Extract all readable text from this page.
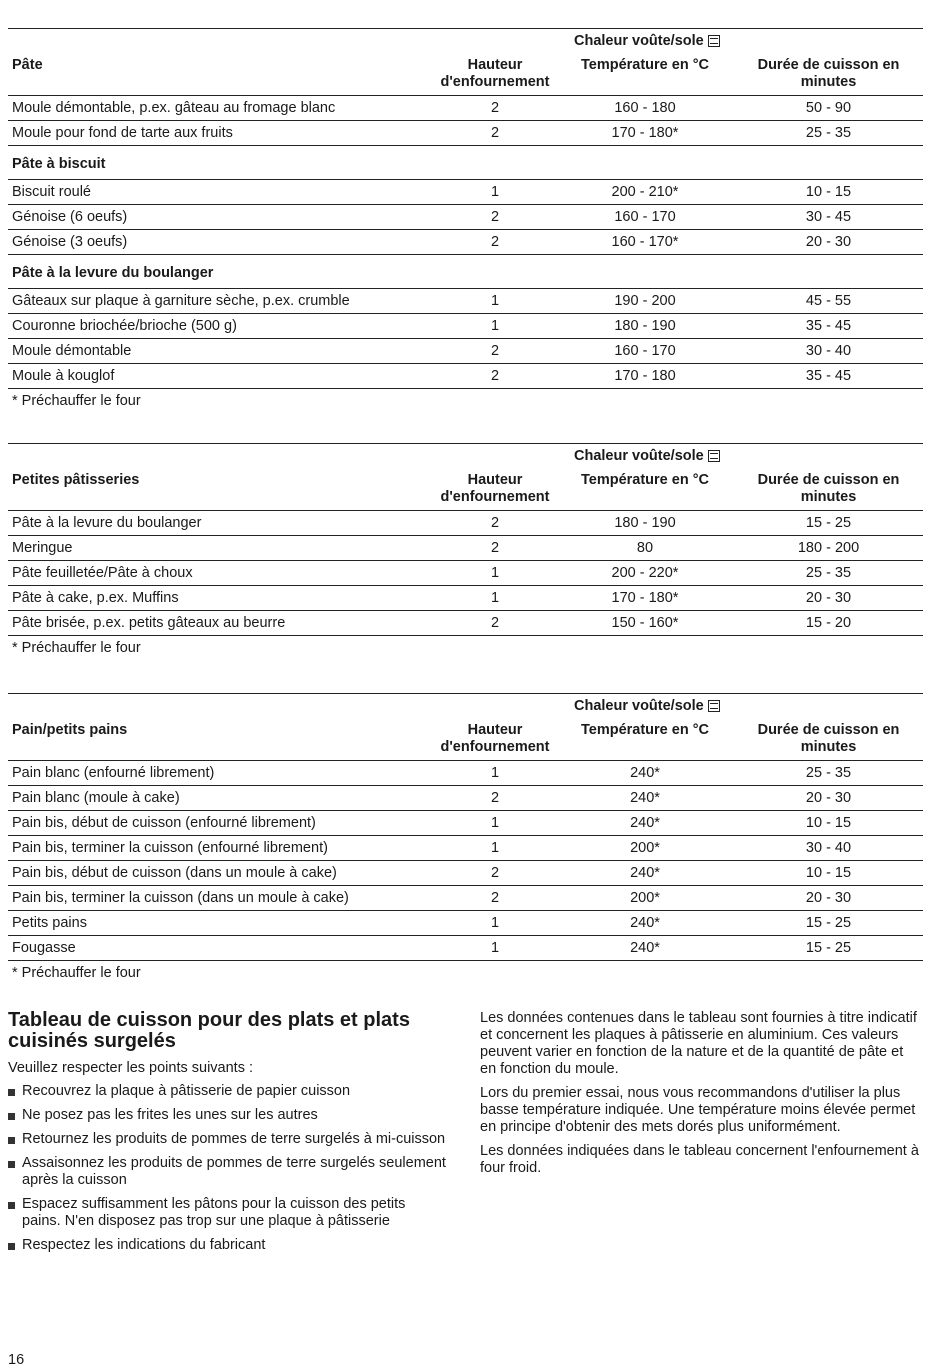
		Chaleur voûte/sole	
Pâte	Hauteur d'enfournement	Température en °C	Durée de cuisson en minutes
Moule démontable, p.ex. gâteau au fromage blanc	2	160 - 180	50 - 90
Moule pour fond de tarte aux fruits	2	170 - 180*	25 - 35
Pâte à biscuit			
Biscuit roulé	1	200 - 210*	10 - 15
Génoise (6 oeufs)	2	160 - 170	30 - 45
Génoise (3 oeufs)	2	160 - 170*	20 - 30
Pâte à la levure du boulanger			
Gâteaux sur plaque à garniture sèche, p.ex. crumble	1	190 - 200	45 - 55
Couronne briochée/brioche (500 g)	1	180 - 190	35 - 45
Moule démontable	2	160 - 170	30 - 40
Moule à kouglof	2	170 - 180	35 - 45
* Préchauffer le four
		Chaleur voûte/sole	
Petites pâtisseries	Hauteur d'enfournement	Température en °C	Durée de cuisson en minutes
Pâte à la levure du boulanger	2	180 - 190	15 - 25
Meringue	2	80	180 - 200
Pâte feuilletée/Pâte à choux	1	200 - 220*	25 - 35
Pâte à cake, p.ex. Muffins	1	170 - 180*	20 - 30
Pâte brisée, p.ex. petits gâteaux au beurre	2	150 - 160*	15 - 20
* Préchauffer le four
		Chaleur voûte/sole	
Pain/petits pains	Hauteur d'enfournement	Température en °C	Durée de cuisson en minutes
Pain blanc (enfourné librement)	1	240*	25 - 35
Pain blanc (moule à cake)	2	240*	20 - 30
Pain bis, début de cuisson (enfourné librement)	1	240*	10 - 15
Pain bis, terminer la cuisson (enfourné librement)	1	200*	30 - 40
Pain bis, début de cuisson (dans un moule à cake)	2	240*	10 - 15
Pain bis, terminer la cuisson (dans un moule à cake)	2	200*	20 - 30
Petits pains	1	240*	15 - 25
Fougasse	1	240*	15 - 25
* Préchauffer le four
Tableau de cuisson pour des plats et plats cuisinés surgelés
Veuillez respecter les points suivants :
Recouvrez la plaque à pâtisserie de papier cuisson
Ne posez pas les frites les unes sur les autres
Retournez les produits de pommes de terre surgelés à mi-cuisson
Assaisonnez les produits de pommes de terre surgelés seulement après la cuisson
Espacez suffisamment les pâtons pour la cuisson des petits pains. N'en disposez pas trop sur une plaque à pâtisserie
Respectez les indications du fabricant

Les données contenues dans le tableau sont fournies à titre indicatif et concernent les plaques à pâtisserie en aluminium. Ces valeurs peuvent varier en fonction de la nature et de la quantité de pâte et en fonction du moule.

Lors du premier essai, nous vous recommandons d'utiliser la plus basse température indiquée. Une température moins élevée permet en principe d'obtenir des mets dorés plus uniformément.

Les données indiquées dans le tableau concernent l'enfournement à four froid.

16
